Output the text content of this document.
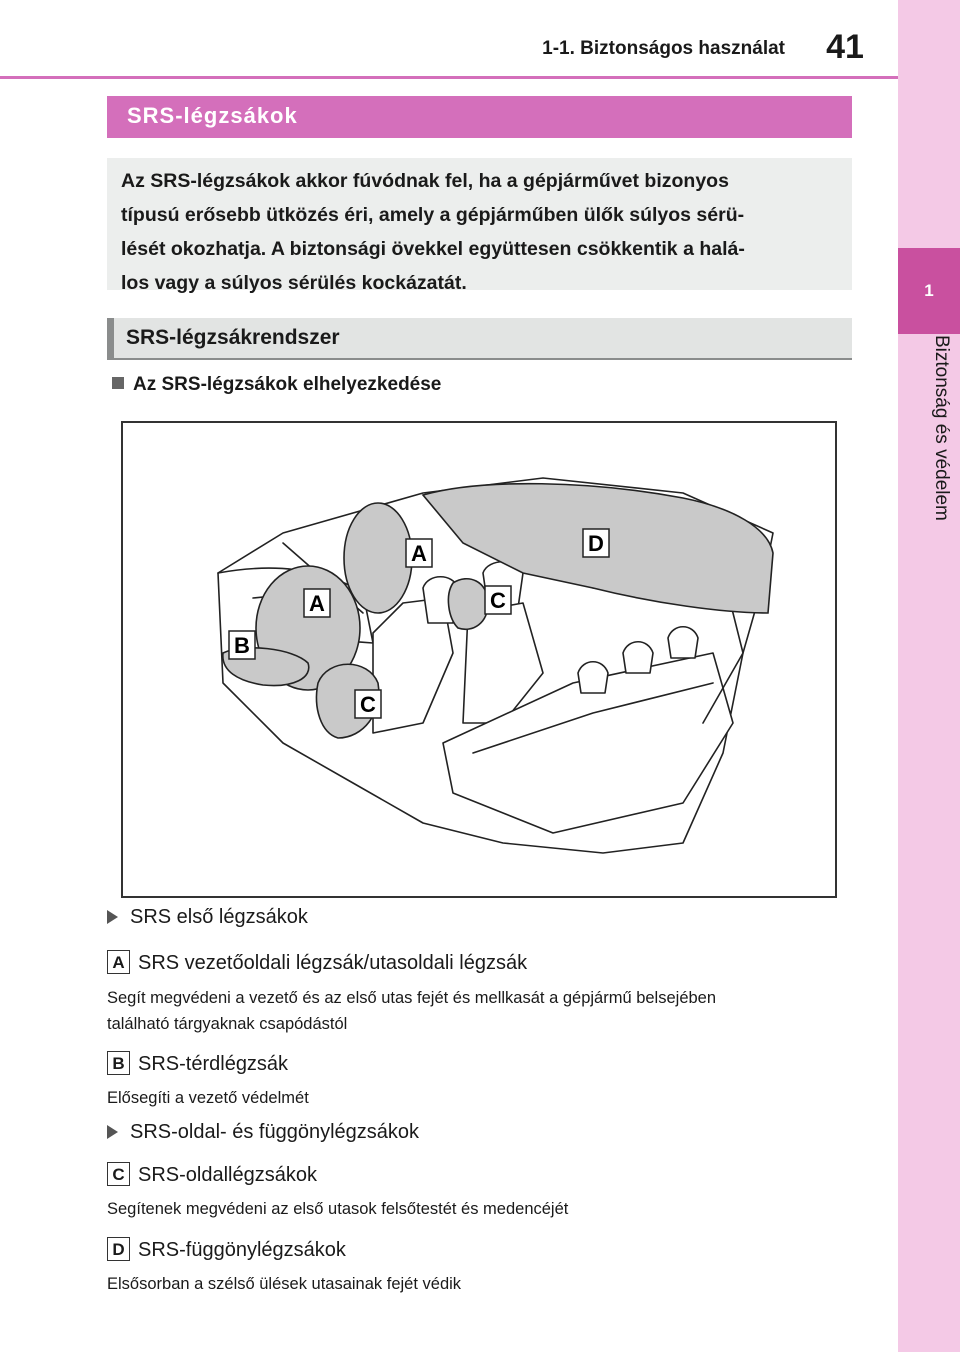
1-1. Biztonságos használat	41
1
Biztonság és védelem
SRS-légzsákok
Az SRS-légzsákok akkor fúvódnak fel, ha a gépjárművet bizonyos
típusú erősebb ütközés éri, amely a gépjárműben ülők súlyos sérü-
lését okozhatja. A biztonsági övekkel együttesen csökkentik a halá-
los vagy a súlyos sérülés kockázatát.
SRS-légzsákrendszer
Az SRS-légzsákok elhelyezkedése
A
A
B
C
C
D
SRS első légzsákok
A SRS vezetőoldali légzsák/utasoldali légzsák
Segít megvédeni a vezető és az első utas fejét és mellkasát a gépjármű belsejében
található tárgyaknak csapódástól
B SRS-térdlégzsák
Elősegíti a vezető védelmét
SRS-oldal- és függönylégzsákok
C SRS-oldallégzsákok
Segítenek megvédeni az első utasok felsőtestét és medencéjét
D SRS-függönylégzsákok
Elsősorban a szélső ülések utasainak fejét védik
